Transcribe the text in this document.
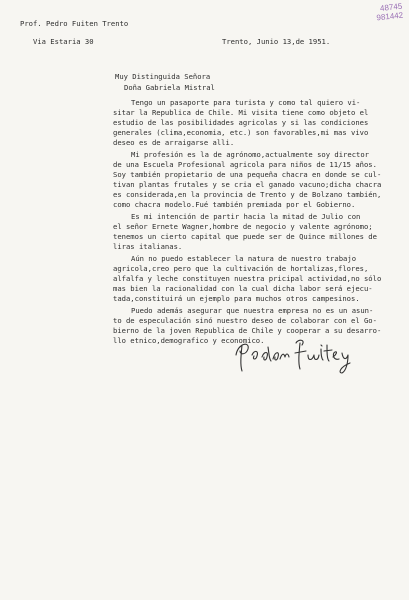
48745
981442
Prof. Pedro Fuiten Trento
Via Estaria 30	Trento, Junio 13,de 1951.
Muy Distinguida Señora
Doña Gabriela Mistral
Tengo un pasaporte para turista y como tal quiero vi-
sitar la Republica de Chile. Mi visita tiene como objeto el
estudio de las posibilidades agricolas y si las condiciones
generales (clima,economia, etc.) son favorables,mi mas vivo
deseo es de arraigarse alli.
Mi profesión es la de agrónomo,actualmente soy director
de una Escuela Profesional agricola para niños de 11/15 años.
Soy también propietario de una pequeña chacra en donde se cul-
tivan plantas frutales y se cria el ganado vacuno;dicha chacra
es considerada,en la provincia de Trento y de Bolzano también,
como chacra modelo.Fué también premiada por el Gobierno.
Es mi intención de partir hacia la mitad de Julio con
el señor Ernete Wagner,hombre de negocio y valente agrónomo;
tenemos un cierto capital que puede ser de Quince millones de
liras italianas.
Aún no puedo establecer la natura de nuestro trabajo
agricola,creo pero que la cultivación de hortalizas,flores,
alfalfa y leche constituyen nuestra pricipal actividad,no sólo
mas bien la racionalidad con la cual dicha labor será ejecu-
tada,constituirá un ejemplo para muchos otros campesinos.
Puedo además asegurar que nuestra empresa no es un asun-
to de especulación sinó nuestro deseo de colaborar con el Go-
bierno de la joven Republica de Chile y cooperar a su desarro-
llo etnico,demografico y economico.
